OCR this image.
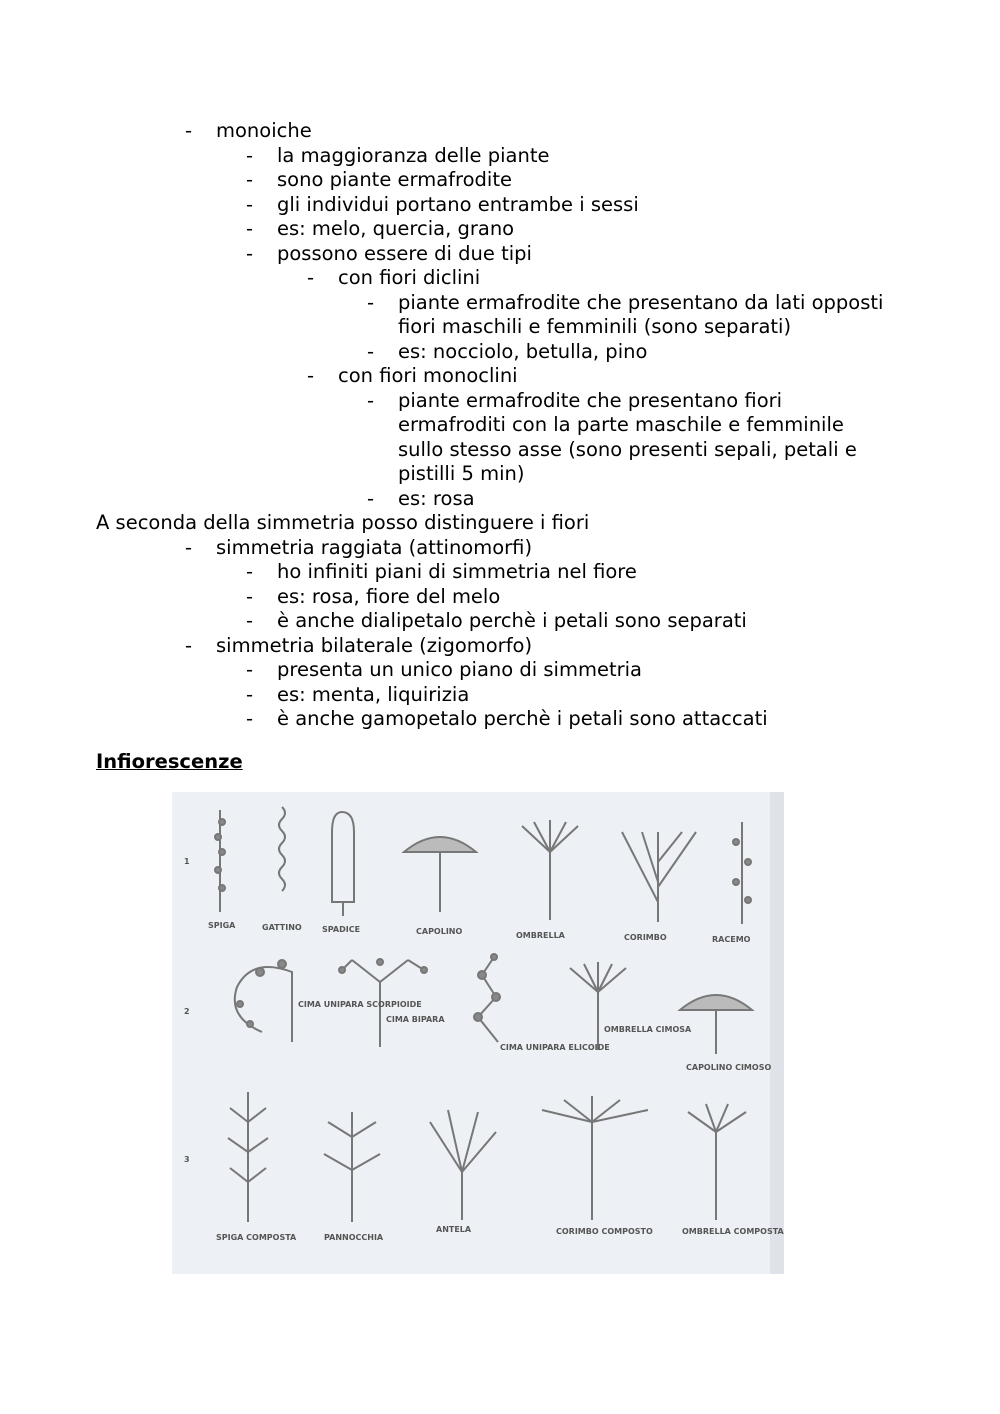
- monoiche
- la maggioranza delle piante
- sono piante ermafrodite
- gli individui portano entrambe i sessi
- es: melo, quercia, grano
- possono essere di due tipi
- con fiori diclini
- piante ermafrodite che presentano da lati opposti
fiori maschili e femminili (sono separati)
- es: nocciolo, betulla, pino
- con fiori monoclini
- piante ermafrodite che presentano fiori
ermafroditi con la parte maschile e femminile
sullo stesso asse (sono presenti sepali, petali e
pistilli 5 min)
- es: rosa
A seconda della simmetria posso distinguere i fiori
- simmetria raggiata (attinomorfi)
- ho infiniti piani di simmetria nel fiore
- es: rosa, fiore del melo
- è anche dialipetalo perchè i petali sono separati
- simmetria bilaterale (zigomorfo)
- presenta un unico piano di simmetria
- es: menta, liquirizia
- è anche gamopetalo perchè i petali sono attaccati
Infiorescenze
1
2
3
SPIGA	GATTINO	SPADICE	CAPOLINO	OMBRELLA	CORIMBO	RACEMO
CIMA UNIPARA SCORPIOIDE
CIMA BIPARA
CIMA UNIPARA ELICOIDE
OMBRELLA CIMOSA
CAPOLINO CIMOSO
SPIGA COMPOSTA	PANNOCCHIA
ANTELA	CORIMBO COMPOSTO	OMBRELLA COMPOSTA
